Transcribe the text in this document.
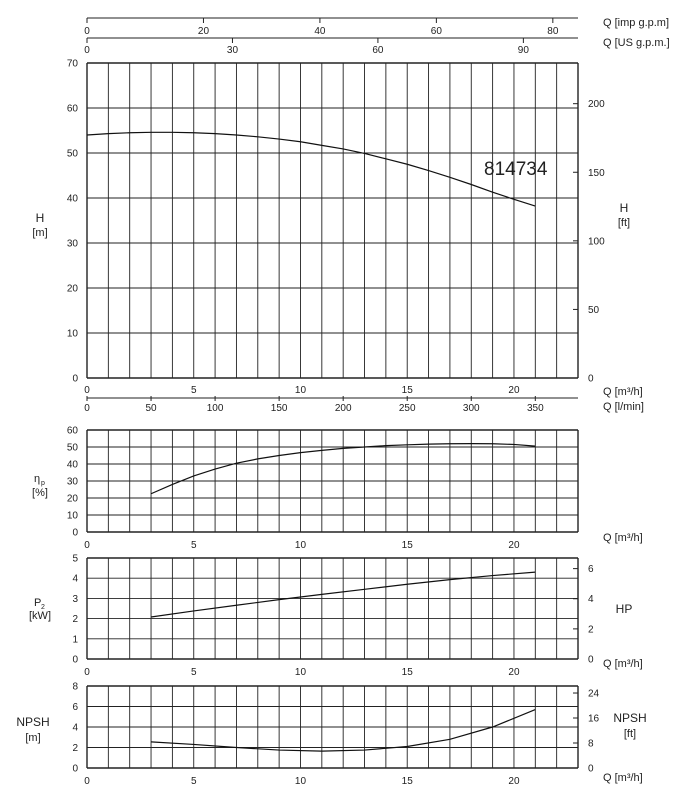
0
10
20
30
40
50
60
70
0	5	10	15	20
0	50	100	150	200	250	300	350
Q [m³/h]
Q [l/min]
0	20	40	60	80
0	30	60	90
Q [imp g.p.m]
Q [US g.p.m.]
0
50
100
150
200
H
[m]
H
[ft]
814734
0
10
20
30
40
50
60
0	5	10	15	20
Q [m³/h]
η p
[%]
0
1
2
3
4
5
0	5	10	15	20
Q [m³/h]
0
2
4
6
P 2
[kW]	HP
0
2
4
6
8
0	5	10	15	20	Q [m³/h]
0
8
16
24
NPSH
[m]
NPSH
[ft]
